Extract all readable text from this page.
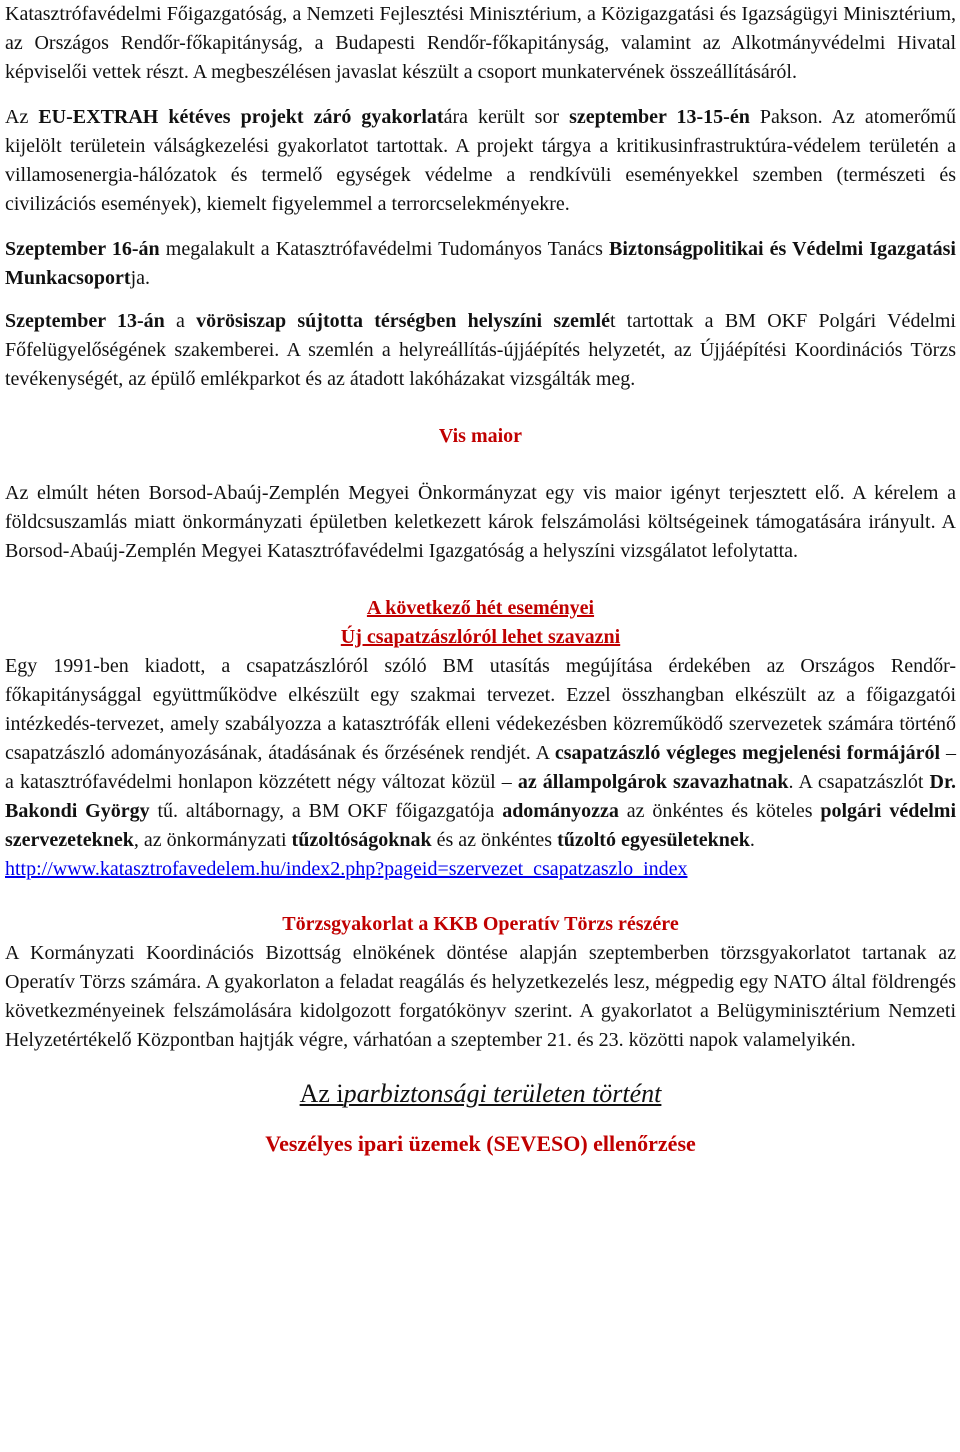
Katasztrófavédelmi Főigazgatóság, a Nemzeti Fejlesztési Minisztérium, a Közigazgatási és Igazságügyi Minisztérium, az Országos Rendőr-főkapitányság, a Budapesti Rendőr-főkapitányság, valamint az Alkotmányvédelmi Hivatal képviselői vettek részt. A megbeszélésen javaslat készült a csoport munkatervének összeállításáról.

Az EU-EXTRAH kétéves projekt záró gyakorlatára került sor szeptember 13-15-én Pakson. Az atomerőmű kijelölt területein válságkezelési gyakorlatot tartottak. A projekt tárgya a kritikusinfrastruktúra-védelem területén a villamosenergia-hálózatok és termelő egységek védelme a rendkívüli eseményekkel szemben (természeti és civilizációs események), kiemelt figyelemmel a terrorcselekményekre.

Szeptember 16-án megalakult a Katasztrófavédelmi Tudományos Tanács Biztonságpolitikai és Védelmi Igazgatási Munkacsoportja.

Szeptember 13-án a vörösiszap sújtotta térségben helyszíni szemlét tartottak a BM OKF Polgári Védelmi Főfelügyelőségének szakemberei. A szemlén a helyreállítás-újjáépítés helyzetét, az Újjáépítési Koordinációs Törzs tevékenységét, az épülő emlékparkot és az átadott lakóházakat vizsgálták meg.

Vis maior

Az elmúlt héten Borsod-Abaúj-Zemplén Megyei Önkormányzat egy vis maior igényt terjesztett elő. A kérelem a földcsuszamlás miatt önkormányzati épületben keletkezett károk felszámolási költségeinek támogatására irányult. A Borsod-Abaúj-Zemplén Megyei Katasztrófavédelmi Igazgatóság a helyszíni vizsgálatot lefolytatta.

A következő hét eseményei

Új csapatzászlóról lehet szavazni

Egy 1991-ben kiadott, a csapatzászlóról szóló BM utasítás megújítása érdekében az Országos Rendőr-főkapitánysággal együttműködve elkészült egy szakmai tervezet. Ezzel összhangban elkészült az a főigazgatói intézkedés-tervezet, amely szabályozza a katasztrófák elleni védekezésben közreműködő szervezetek számára történő csapatzászló adományozásának, átadásának és őrzésének rendjét. A csapatzászló végleges megjelenési formájáról – a katasztrófavédelmi honlapon közzétett négy változat közül – az állampolgárok szavazhatnak. A csapatzászlót Dr. Bakondi György tű. altábornagy, a BM OKF főigazgatója adományozza az önkéntes és köteles polgári védelmi szervezeteknek, az önkormányzati tűzoltóságoknak és az önkéntes tűzoltó egyesületeknek.
http://www.katasztrofavedelem.hu/index2.php?pageid=szervezet_csapatzaszlo_index

Törzsgyakorlat a KKB Operatív Törzs részére

A Kormányzati Koordinációs Bizottság elnökének döntése alapján szeptemberben törzsgyakorlatot tartanak az Operatív Törzs számára. A gyakorlaton a feladat reagálás és helyzetkezelés lesz, mégpedig egy NATO által földrengés következményeinek felszámolására kidolgozott forgatókönyv szerint. A gyakorlatot a Belügyminisztérium Nemzeti Helyzetértékelő Központban hajtják végre, várhatóan a szeptember 21. és 23. közötti napok valamelyikén.

Az iparbiztonsági területen történt

Veszélyes ipari üzemek (SEVESO) ellenőrzése
